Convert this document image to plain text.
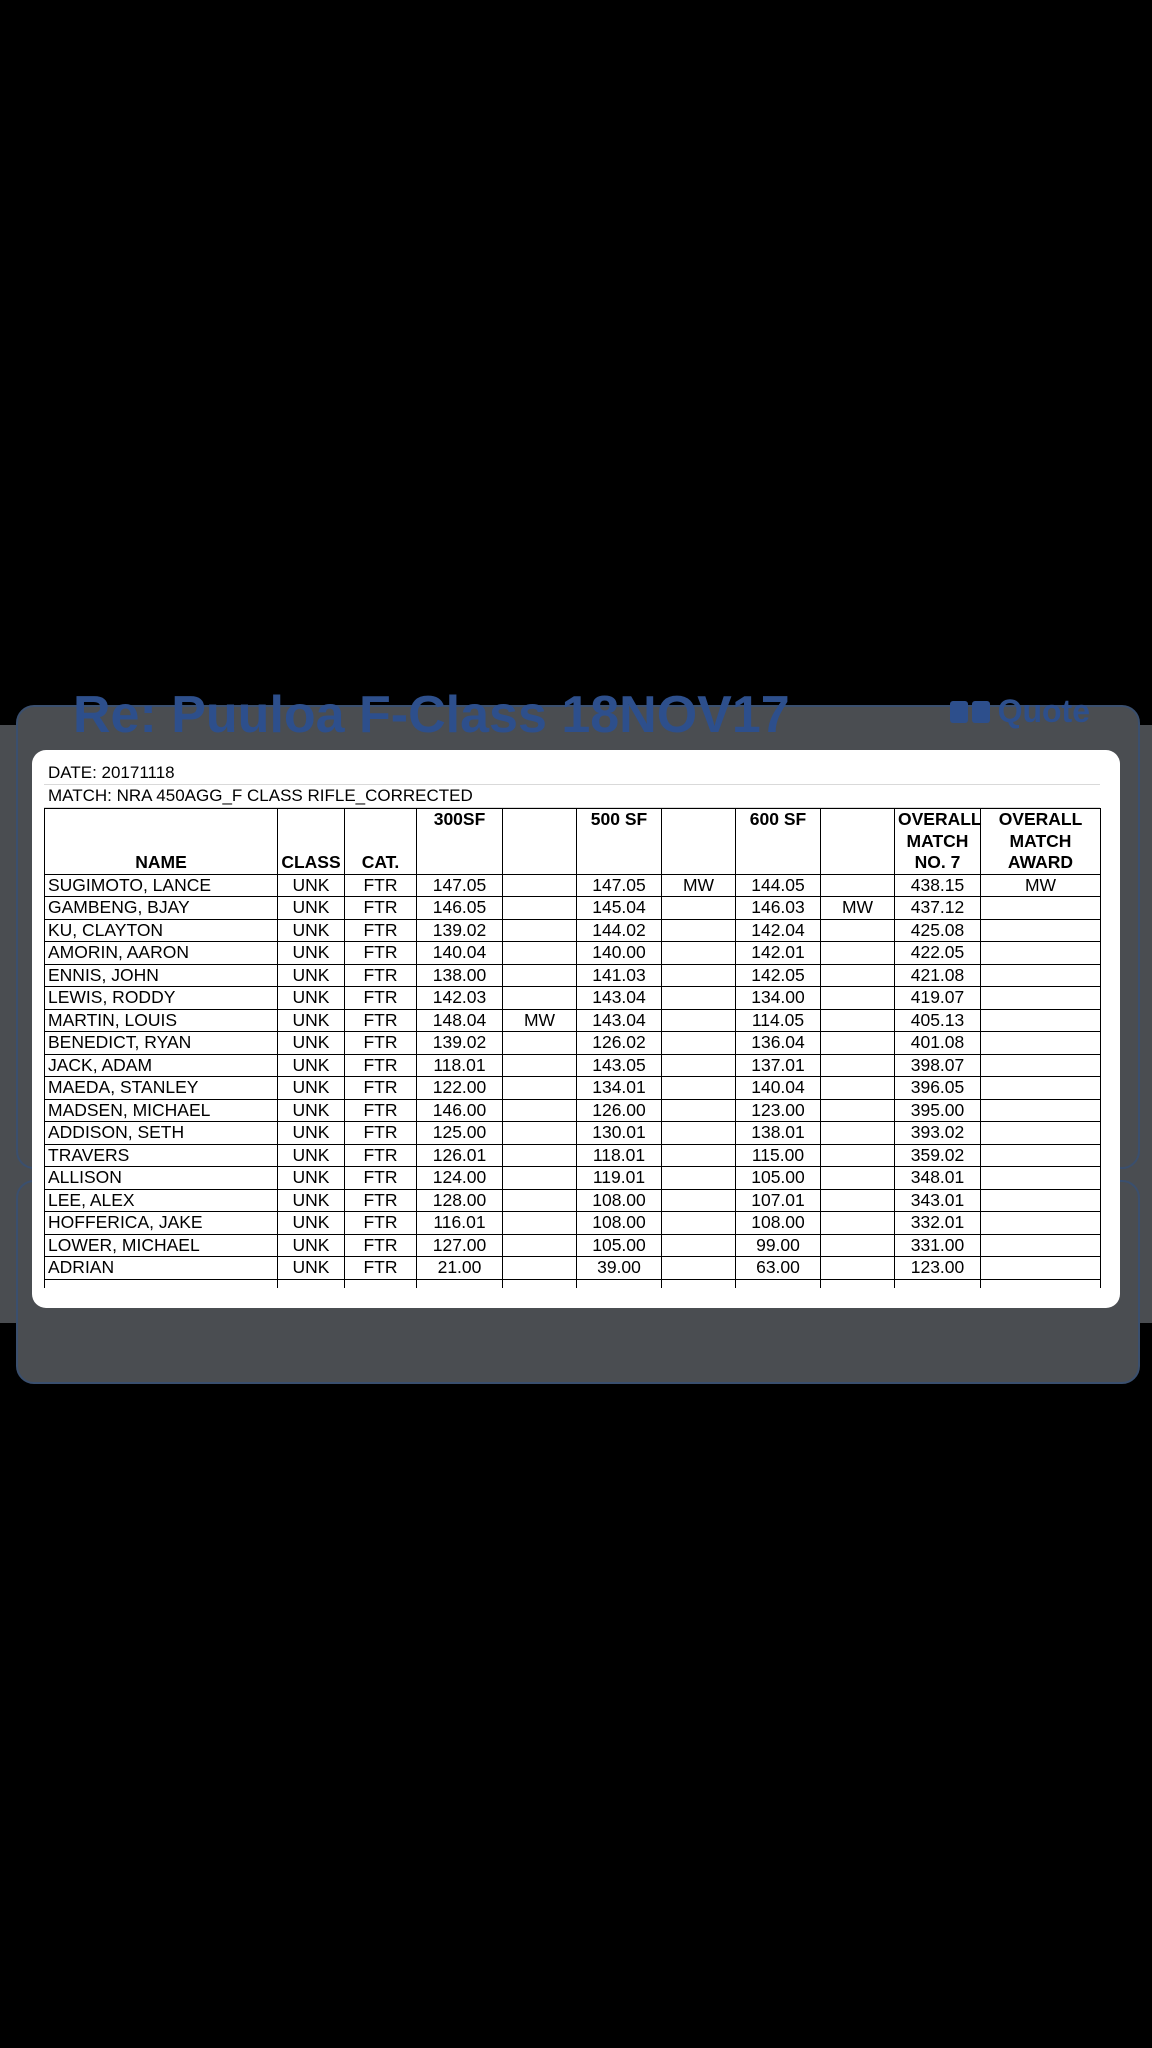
Re: Puuloa F-Class 18NOV17	Quote
DATE: 20171118
MATCH: NRA 450AGG_F CLASS RIFLE_CORRECTED
			300SF		500 SF		600 SF		OVERALL	OVERALL
									MATCH	MATCH
NAME	CLASS	CAT.							NO. 7	AWARD
SUGIMOTO, LANCE	UNK	FTR	147.05		147.05	MW	144.05		438.15	MW
GAMBENG, BJAY	UNK	FTR	146.05		145.04		146.03	MW	437.12	
KU, CLAYTON	UNK	FTR	139.02		144.02		142.04		425.08	
AMORIN, AARON	UNK	FTR	140.04		140.00		142.01		422.05	
ENNIS, JOHN	UNK	FTR	138.00		141.03		142.05		421.08	
LEWIS, RODDY	UNK	FTR	142.03		143.04		134.00		419.07	
MARTIN, LOUIS	UNK	FTR	148.04	MW	143.04		114.05		405.13	
BENEDICT, RYAN	UNK	FTR	139.02		126.02		136.04		401.08	
JACK, ADAM	UNK	FTR	118.01		143.05		137.01		398.07	
MAEDA, STANLEY	UNK	FTR	122.00		134.01		140.04		396.05	
MADSEN, MICHAEL	UNK	FTR	146.00		126.00		123.00		395.00	
ADDISON, SETH	UNK	FTR	125.00		130.01		138.01		393.02	
TRAVERS	UNK	FTR	126.01		118.01		115.00		359.02	
ALLISON	UNK	FTR	124.00		119.01		105.00		348.01	
LEE, ALEX	UNK	FTR	128.00		108.00		107.01		343.01	
HOFFERICA, JAKE	UNK	FTR	116.01		108.00		108.00		332.01	
LOWER, MICHAEL	UNK	FTR	127.00		105.00		99.00		331.00	
ADRIAN	UNK	FTR	21.00		39.00		63.00		123.00	
